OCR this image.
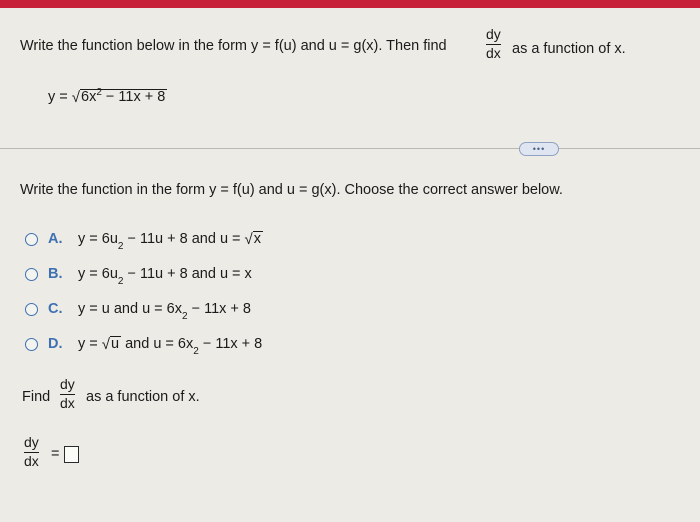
Write the function below in the form y = f(u) and u = g(x). Then find
dy
dx as a function of x.
y =
√ $6x^2 - 11x + 8$
•••
Write the function in the form y = f(u) and u = g(x). Choose the correct answer below.
A. y = 6u 2 − 11u + 8 and u = √ x
B. y = 6u 2 − 11u + 8 and u = x
C. y = u and u = 6x 2 − 11x + 8
D. y = √ u and u = 6x 2 − 11x + 8
Find
dy
dx as a function of x.
dy
dx =
